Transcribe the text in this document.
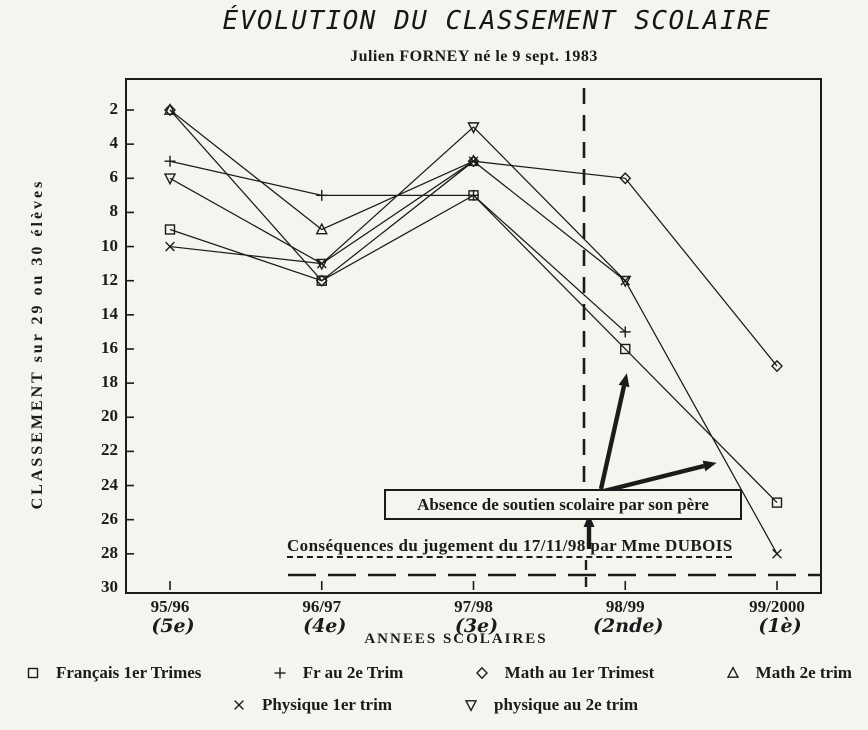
ÉVOLUTION DU CLASSEMENT SCOLAIRE
Julien FORNEY né le 9 sept. 1983
CLASSEMENT sur 29 ou 30 élèves
ANNEES SCOLAIRES
2
4
6
8
10
12
14
16
18
20
22
24
26
28
30
95/96
(5e)
96/97
(4e)
97/98
(3e)
98/99
(2nde)
99/2000
(1è)
Absence de soutien scolaire par son père
Conséquences du jugement du 17/11/98 par Mme DUBOIS
Français 1er Trimes	Fr au 2e Trim	Math au 1er Trimest	Math 2e trim
Physique 1er trim	physique au 2e trim
